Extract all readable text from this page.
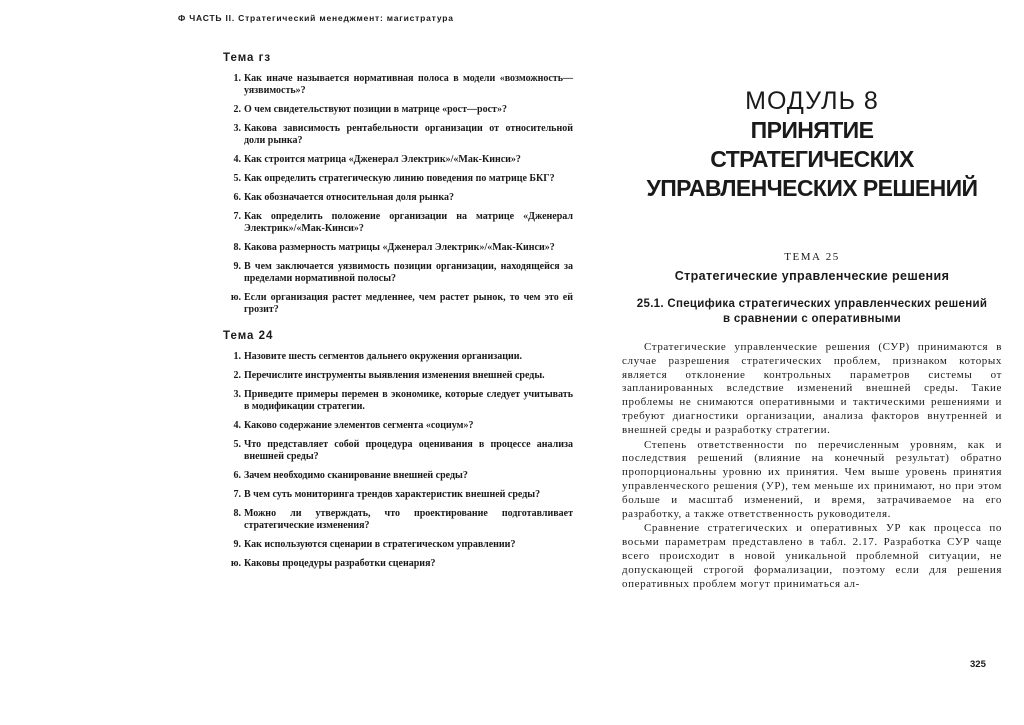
Ф ЧАСТЬ II. Стратегический менеджмент: магистратура
Тема гз
1. Как иначе называется нормативная полоса в модели «возможность—уязвимость»?
2. О чем свидетельствуют позиции в матрице «рост—рост»?
3. Какова зависимость рентабельности организации от относительной доли рынка?
4. Как строится матрица «Дженерал Электрик»/«Мак-Кинси»?
5. Как определить стратегическую линию поведения по матрице БКГ?
6. Как обозначается относительная доля рынка?
7. Как определить положение организации на матрице «Дженерал Электрик»/«Мак-Кинси»?
8. Какова размерность матрицы «Дженерал Электрик»/«Мак-Кинси»?
9. В чем заключается уязвимость позиции организации, находящейся за пределами нормативной полосы?
ю. Если организация растет медленнее, чем растет рынок, то чем это ей грозит?
Тема 24
1. Назовите шесть сегментов дальнего окружения организации.
2. Перечислите инструменты выявления изменения внешней среды.
3. Приведите примеры перемен в экономике, которые следует учитывать в модификации стратегии.
4. Каково содержание элементов сегмента «социум»?
5. Что представляет собой процедура оценивания в процессе анализа внешней среды?
6. Зачем необходимо сканирование внешней среды?
7. В чем суть мониторинга трендов характеристик внешней среды?
8. Можно ли утверждать, что проектирование подготавливает стратегические изменения?
9. Как используются сценарии в стратегическом управлении?
ю. Каковы процедуры разработки сценария?
МОДУЛЬ 8
ПРИНЯТИЕ
СТРАТЕГИЧЕСКИХ
УПРАВЛЕНЧЕСКИХ РЕШЕНИЙ
ТЕМА 25
Стратегические управленческие решения
25.1. Специфика стратегических управленческих решений в сравнении с оперативными

Стратегические управленческие решения (СУР) принимаются в случае разрешения стратегических проблем, признаком которых является отклонение контрольных параметров системы от запланированных вследствие изменений внешней среды. Такие проблемы не снимаются оперативными и тактическими решениями и требуют диагностики организации, анализа факторов внутренней и внешней среды и разработку стратегии.

Степень ответственности по перечисленным уровням, как и последствия решений (влияние на конечный результат) обратно пропорциональны уровню их принятия. Чем выше уровень принятия управленческого решения (УР), тем меньше их принимают, но при этом больше и масштаб изменений, и время, затрачиваемое на его разработку, а также ответственность руководителя.

Сравнение стратегических и оперативных УР как процесса по восьми параметрам представлено в табл. 2.17. Разработка СУР чаще всего происходит в новой уникальной проблемной ситуации, не допускающей строгой формализации, поэтому если для решения оперативных проблем могут приниматься ал-

325
